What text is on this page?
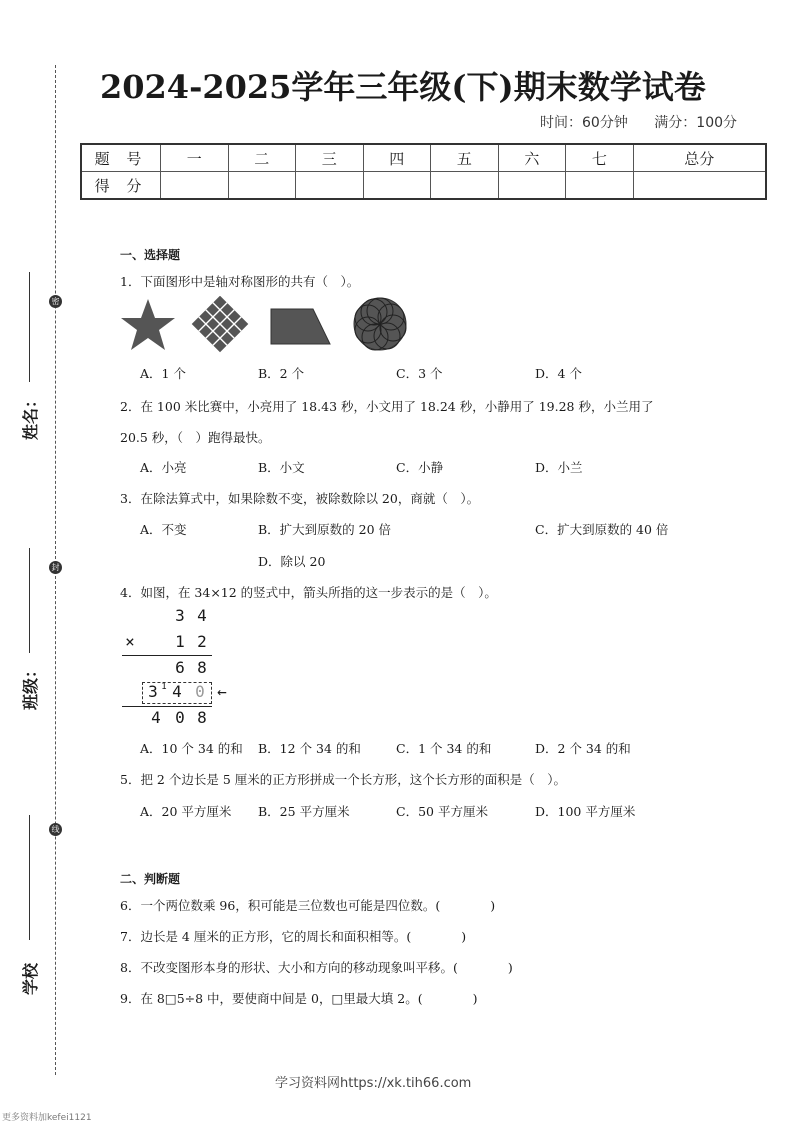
密
封
线
姓名：
班级：
学校
2024-2025学年三年级(下)期末数学试卷
时间：60分钟 满分：100分
题 号	一	二	三	四	五	六	七	总分
得 分								
一、选择题
1．下面图形中是轴对称图形的共有（　）。
A．1 个	B．2 个	C．3 个	D．4 个
2．在 100 米比赛中，小亮用了 18.43 秒，小文用了 18.24 秒，小静用了 19.28 秒，小兰用了
20.5 秒，（　）跑得最快。
A．小亮	B．小文	C．小静	D．小兰
3．在除法算式中，如果除数不变，被除数除以 20，商就（　）。
A．不变	B．扩大到原数的 20 倍	C．扩大到原数的 40 倍
D．除以 20
4．如图，在 34×12 的竖式中，箭头所指的这一步表示的是（　）。
3 4
×	1 2
6 8
3 1 4 0 ←
4 0 8
A．10 个 34 的和 B．12 个 34 的和	C．1 个 34 的和	D．2 个 34 的和
5．把 2 个边长是 5 厘米的正方形拼成一个长方形，这个长方形的面积是（　）。
A．20 平方厘米 B．25 平方厘米	C．50 平方厘米	D．100 平方厘米
二、判断题
6．一个两位数乘 96，积可能是三位数也可能是四位数。(　　　　)
7．边长是 4 厘米的正方形，它的周长和面积相等。(　　　　)
8．不改变图形本身的形状、大小和方向的移动现象叫平移。(　　　　)
9．在 8□5÷8 中，要使商中间是 0，□里最大填 2。(　　　　)
学习资料网https://xk.tih66.com
更多资料加kefei1121
